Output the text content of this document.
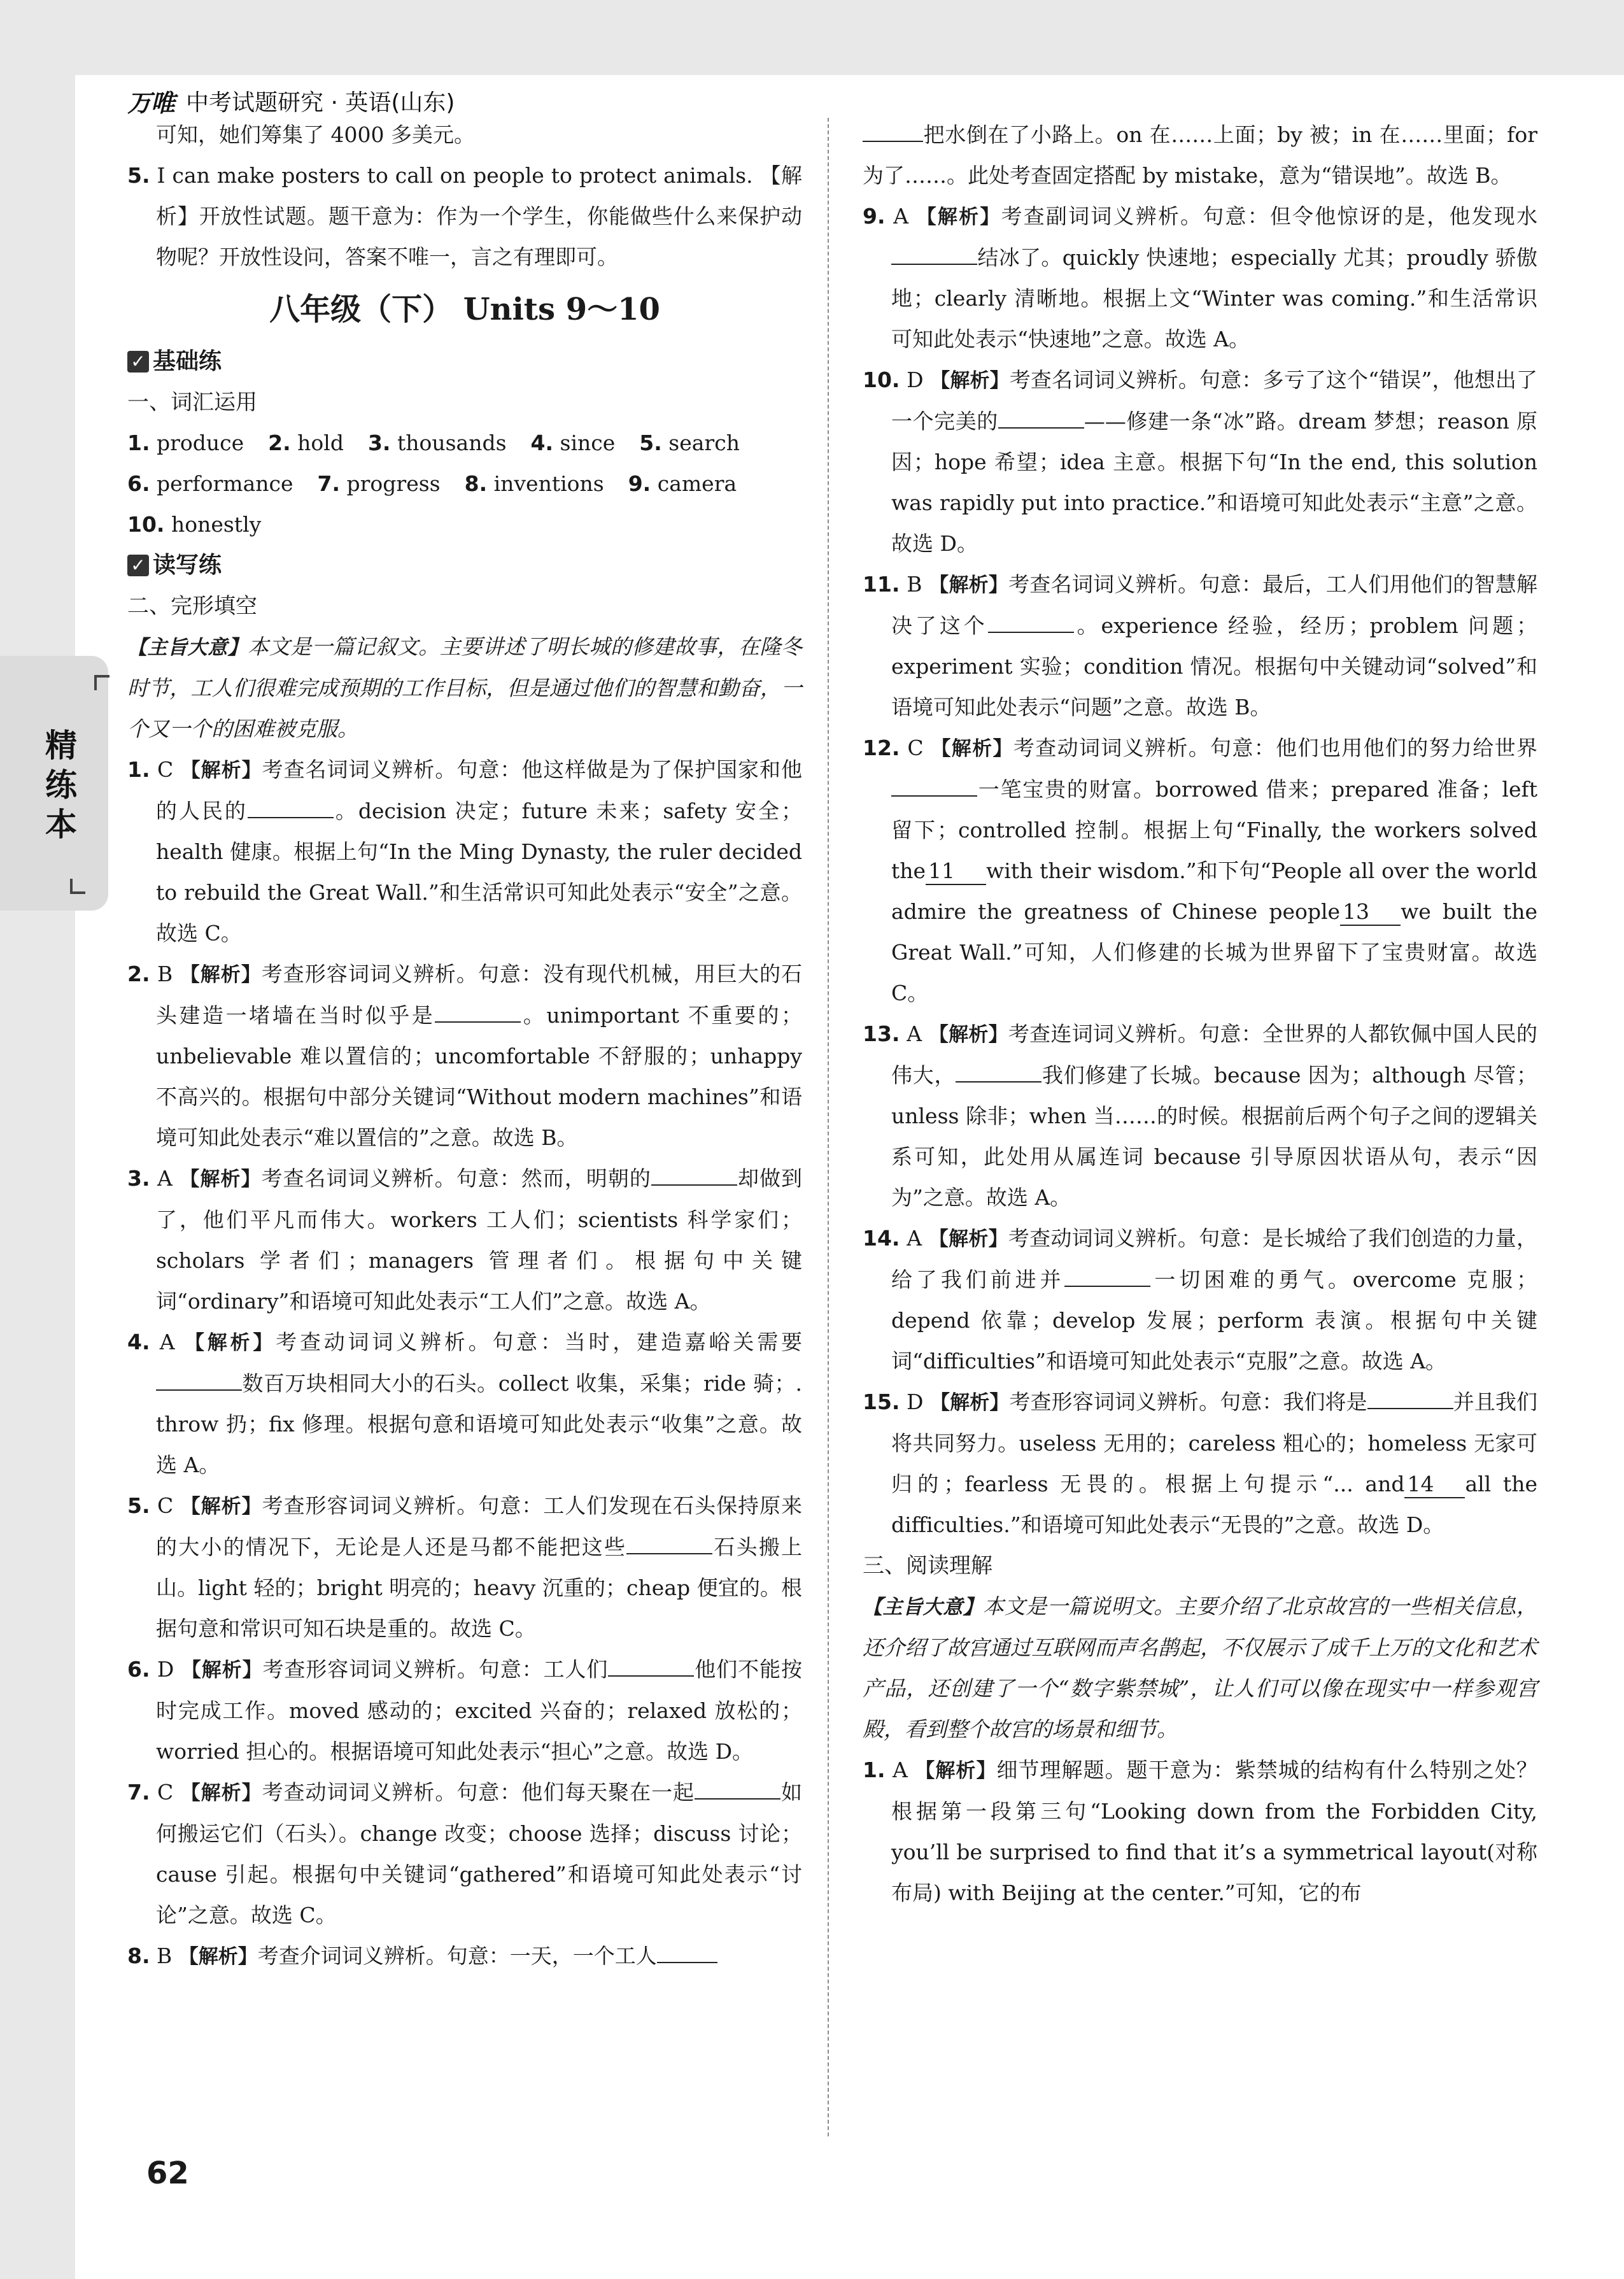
精练本
万唯 中考试题研究 · 英语(山东)

可知，她们筹集了 4000 多美元。

5. I can make posters to call on people to protect animals. 【解析】开放性试题。题干意为：作为一个学生，你能做些什么来保护动物呢？开放性设问，答案不唯一，言之有理即可。

八年级（下） Units 9～10
✓ 基础练
一、词汇运用
1. produce 2. hold 3. thousands 4. since 5. search
6. performance 7. progress 8. inventions 9. camera
10. honestly
✓ 读写练
二、完形填空

【主旨大意】本文是一篇记叙文。主要讲述了明长城的修建故事，在隆冬时节，工人们很难完成预期的工作目标，但是通过他们的智慧和勤奋，一个又一个的困难被克服。

1. C 【解析】考查名词词义辨析。句意：他这样做是为了保护国家和他的人民的	。decision 决定；future 未来；safety 安全；health 健康。根据上句“In the Ming Dynasty, the ruler decided to rebuild the Great Wall.”和生活常识可知此处表示“安全”之意。故选 C。

2. B 【解析】考查形容词词义辨析。句意：没有现代机械，用巨大的石头建造一堵墙在当时似乎是	。unimportant 不重要的；unbelievable 难以置信的；uncomfortable 不舒服的；unhappy 不高兴的。根据句中部分关键词“Without modern machines”和语境可知此处表示“难以置信的”之意。故选 B。

3. A 【解析】考查名词词义辨析。句意：然而，明朝的	却做到了，他们平凡而伟大。workers 工人们；scientists 科学家们；scholars 学者们；managers 管理者们。根据句中关键词“ordinary”和语境可知此处表示“工人们”之意。故选 A。

4. A 【解析】考查动词词义辨析。句意：当时，建造嘉峪关需要数百万块相同大小的石头。collect 收集，采集；ride 骑；. throw 扔；fix 修理。根据句意和语境可知此处表示“收集”之意。故选 A。

5. C 【解析】考查形容词词义辨析。句意：工人们发现在石头保持原来的大小的情况下，无论是人还是马都不能把这些	石头搬上山。light 轻的；bright 明亮的；heavy 沉重的；cheap 便宜的。根据句意和常识可知石块是重的。故选 C。

6. D 【解析】考查形容词词义辨析。句意：工人们	他们不能按时完成工作。moved 感动的；excited 兴奋的；relaxed 放松的；worried 担心的。根据语境可知此处表示“担心”之意。故选 D。

7. C 【解析】考查动词词义辨析。句意：他们每天聚在一起	如何搬运它们（石头）。change 改变；choose 选择；discuss 讨论；cause 引起。根据句中关键词“gathered”和语境可知此处表示“讨论”之意。故选 C。

8. B 【解析】考查介词词义辨析。句意：一天，一个工人

把水倒在了小路上。on 在……上面；by 被；in 在……里面；for 为了……。此处考查固定搭配 by mistake，意为“错误地”。故选 B。

9. A 【解析】考查副词词义辨析。句意：但令他惊讶的是，他发现水结冰了。quickly 快速地；especially 尤其；proudly 骄傲地；clearly 清晰地。根据上文“Winter was coming.”和生活常识可知此处表示“快速地”之意。故选 A。

10. D 【解析】考查名词词义辨析。句意：多亏了这个“错误”，他想出了一个完美的	——修建一条“冰”路。dream 梦想；reason 原因；hope 希望；idea 主意。根据下句“In the end, this solution was rapidly put into practice.”和语境可知此处表示“主意”之意。故选 D。

11. B 【解析】考查名词词义辨析。句意：最后，工人们用他们的智慧解决了这个	。experience 经验，经历；problem 问题；experiment 实验；condition 情况。根据句中关键动词“solved”和语境可知此处表示“问题”之意。故选 B。

12. C 【解析】考查动词词义辨析。句意：他们也用他们的努力给世界一笔宝贵的财富。borrowed 借来；prepared 准备；left 留下；controlled 控制。根据上句“Finally, the workers solved the 11 with their wisdom.”和下句“People all over the world admire the greatness of Chinese people 13 we built the Great Wall.”可知，人们修建的长城为世界留下了宝贵财富。故选 C。

13. A 【解析】考查连词词义辨析。句意：全世界的人都钦佩中国人民的伟大，	我们修建了长城。because 因为；although 尽管；unless 除非；when 当……的时候。根据前后两个句子之间的逻辑关系可知，此处用从属连词 because 引导原因状语从句，表示“因为”之意。故选 A。

14. A 【解析】考查动词词义辨析。句意：是长城给了我们创造的力量，给了我们前进并	一切困难的勇气。overcome 克服；depend 依靠；develop 发展；perform 表演。根据句中关键词“difficulties”和语境可知此处表示“克服”之意。故选 A。

15. D 【解析】考查形容词词义辨析。句意：我们将是	并且我们将共同努力。useless 无用的；careless 粗心的；homeless 无家可归的；fearless 无畏的。根据上句提示“... and 14 all the difficulties.”和语境可知此处表示“无畏的”之意。故选 D。

三、阅读理解

【主旨大意】本文是一篇说明文。主要介绍了北京故宫的一些相关信息，还介绍了故宫通过互联网而声名鹊起，不仅展示了成千上万的文化和艺术产品，还创建了一个“数字紫禁城”，让人们可以像在现实中一样参观宫殿，看到整个故宫的场景和细节。

1. A 【解析】细节理解题。题干意为：紫禁城的结构有什么特别之处？根据第一段第三句“Looking down from the Forbidden City, you’ll be surprised to find that it’s a symmetrical layout(对称布局) with Beijing at the center.”可知，它的布

62
